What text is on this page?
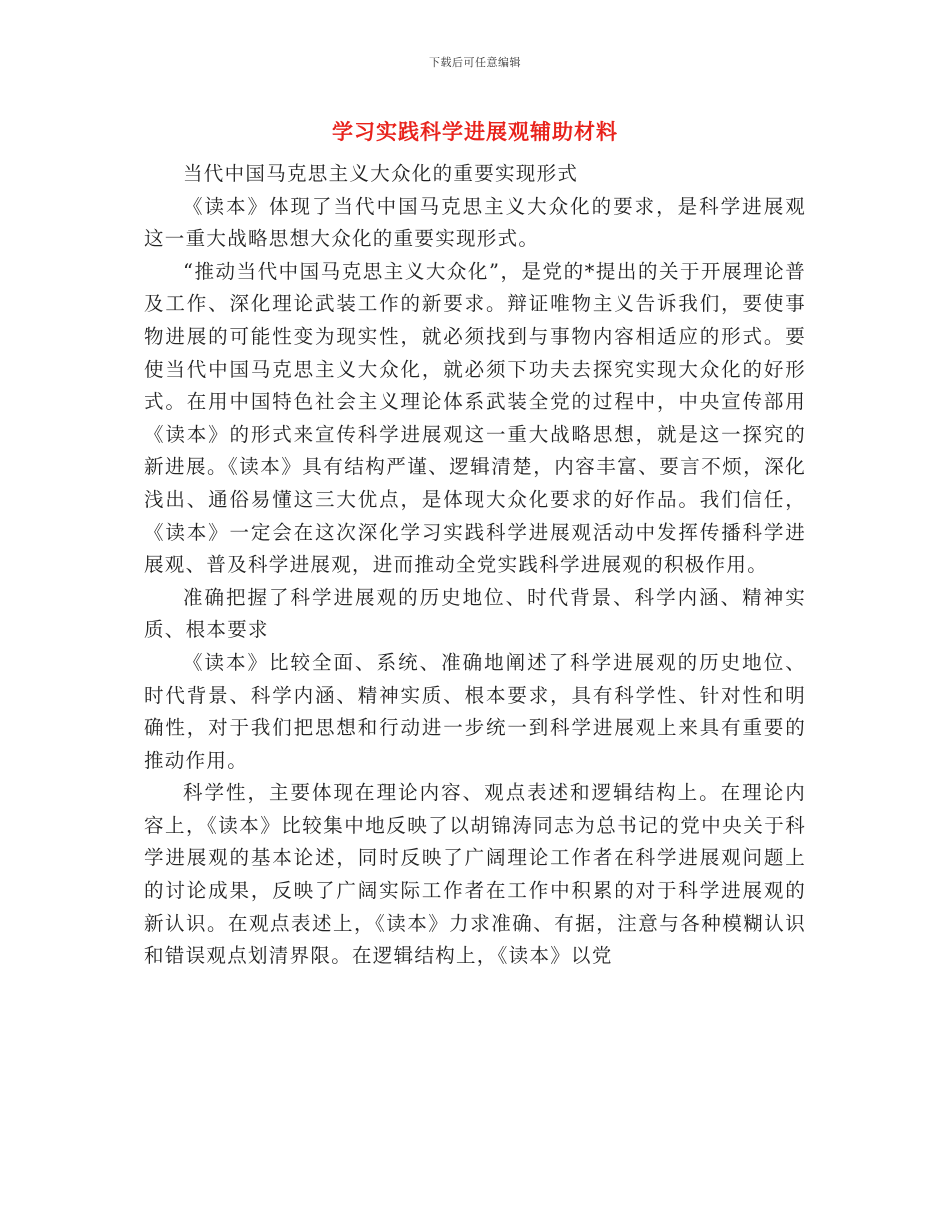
下载后可任意编辑
学习实践科学进展观辅助材料

当代中国马克思主义大众化的重要实现形式

《读本》体现了当代中国马克思主义大众化的要求，是科学进展观这一重大战略思想大众化的重要实现形式。

“推动当代中国马克思主义大众化”，是党的*提出的关于开展理论普及工作、深化理论武装工作的新要求。辩证唯物主义告诉我们，要使事物进展的可能性变为现实性，就必须找到与事物内容相适应的形式。要使当代中国马克思主义大众化，就必须下功夫去探究实现大众化的好形式。在用中国特色社会主义理论体系武装全党的过程中，中央宣传部用《读本》的形式来宣传科学进展观这一重大战略思想，就是这一探究的新进展。《读本》具有结构严谨、逻辑清楚，内容丰富、要言不烦，深化浅出、通俗易懂这三大优点，是体现大众化要求的好作品。我们信任，《读本》一定会在这次深化学习实践科学进展观活动中发挥传播科学进展观、普及科学进展观，进而推动全党实践科学进展观的积极作用。

准确把握了科学进展观的历史地位、时代背景、科学内涵、精神实质、根本要求

《读本》比较全面、系统、准确地阐述了科学进展观的历史地位、时代背景、科学内涵、精神实质、根本要求，具有科学性、针对性和明确性，对于我们把思想和行动进一步统一到科学进展观上来具有重要的推动作用。

科学性，主要体现在理论内容、观点表述和逻辑结构上。在理论内容上，《读本》比较集中地反映了以胡锦涛同志为总书记的党中央关于科学进展观的基本论述，同时反映了广阔理论工作者在科学进展观问题上的讨论成果，反映了广阔实际工作者在工作中积累的对于科学进展观的新认识。在观点表述上，《读本》力求准确、有据，注意与各种模糊认识和错误观点划清界限。在逻辑结构上，《读本》以党
